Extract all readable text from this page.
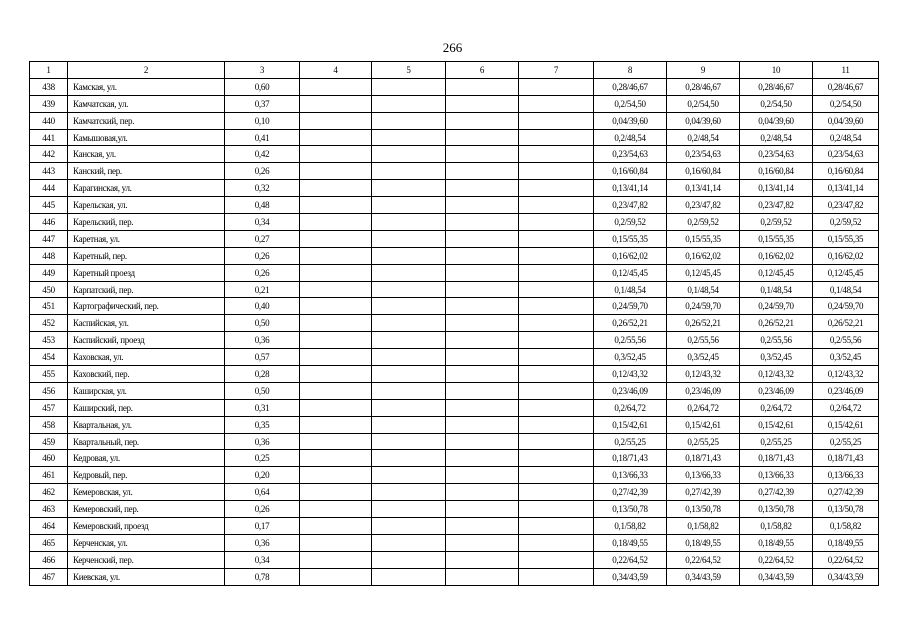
266
1	2	3	4	5	6	7	8	9	10	11
438	Камская, ул.	0,60					0,28/46,67	0,28/46,67	0,28/46,67	0,28/46,67
439	Камчатская, ул.	0,37					0,2/54,50	0,2/54,50	0,2/54,50	0,2/54,50
440	Камчатский, пер.	0,10					0,04/39,60	0,04/39,60	0,04/39,60	0,04/39,60
441	Камышовая,ул.	0,41					0,2/48,54	0,2/48,54	0,2/48,54	0,2/48,54
442	Канская, ул.	0,42					0,23/54,63	0,23/54,63	0,23/54,63	0,23/54,63
443	Канский, пер.	0,26					0,16/60,84	0,16/60,84	0,16/60,84	0,16/60,84
444	Карагинская, ул.	0,32					0,13/41,14	0,13/41,14	0,13/41,14	0,13/41,14
445	Карельская, ул.	0,48					0,23/47,82	0,23/47,82	0,23/47,82	0,23/47,82
446	Карельский, пер.	0,34					0,2/59,52	0,2/59,52	0,2/59,52	0,2/59,52
447	Каретная, ул.	0,27					0,15/55,35	0,15/55,35	0,15/55,35	0,15/55,35
448	Каретный, пер.	0,26					0,16/62,02	0,16/62,02	0,16/62,02	0,16/62,02
449	Каретный проезд	0,26					0,12/45,45	0,12/45,45	0,12/45,45	0,12/45,45
450	Карпатский, пер.	0,21					0,1/48,54	0,1/48,54	0,1/48,54	0,1/48,54
451	Картографический, пер.	0,40					0,24/59,70	0,24/59,70	0,24/59,70	0,24/59,70
452	Каспийская, ул.	0,50					0,26/52,21	0,26/52,21	0,26/52,21	0,26/52,21
453	Каспийский, проезд	0,36					0,2/55,56	0,2/55,56	0,2/55,56	0,2/55,56
454	Каховская, ул.	0,57					0,3/52,45	0,3/52,45	0,3/52,45	0,3/52,45
455	Каховский, пер.	0,28					0,12/43,32	0,12/43,32	0,12/43,32	0,12/43,32
456	Каширская, ул.	0,50					0,23/46,09	0,23/46,09	0,23/46,09	0,23/46,09
457	Каширский, пер.	0,31					0,2/64,72	0,2/64,72	0,2/64,72	0,2/64,72
458	Квартальная, ул.	0,35					0,15/42,61	0,15/42,61	0,15/42,61	0,15/42,61
459	Квартальный, пер.	0,36					0,2/55,25	0,2/55,25	0,2/55,25	0,2/55,25
460	Кедровая, ул.	0,25					0,18/71,43	0,18/71,43	0,18/71,43	0,18/71,43
461	Кедровый, пер.	0,20					0,13/66,33	0,13/66,33	0,13/66,33	0,13/66,33
462	Кемеровская, ул.	0,64					0,27/42,39	0,27/42,39	0,27/42,39	0,27/42,39
463	Кемеровский, пер.	0,26					0,13/50,78	0,13/50,78	0,13/50,78	0,13/50,78
464	Кемеровский, проезд	0,17					0,1/58,82	0,1/58,82	0,1/58,82	0,1/58,82
465	Керченская, ул.	0,36					0,18/49,55	0,18/49,55	0,18/49,55	0,18/49,55
466	Керченский, пер.	0,34					0,22/64,52	0,22/64,52	0,22/64,52	0,22/64,52
467	Киевская, ул.	0,78					0,34/43,59	0,34/43,59	0,34/43,59	0,34/43,59
